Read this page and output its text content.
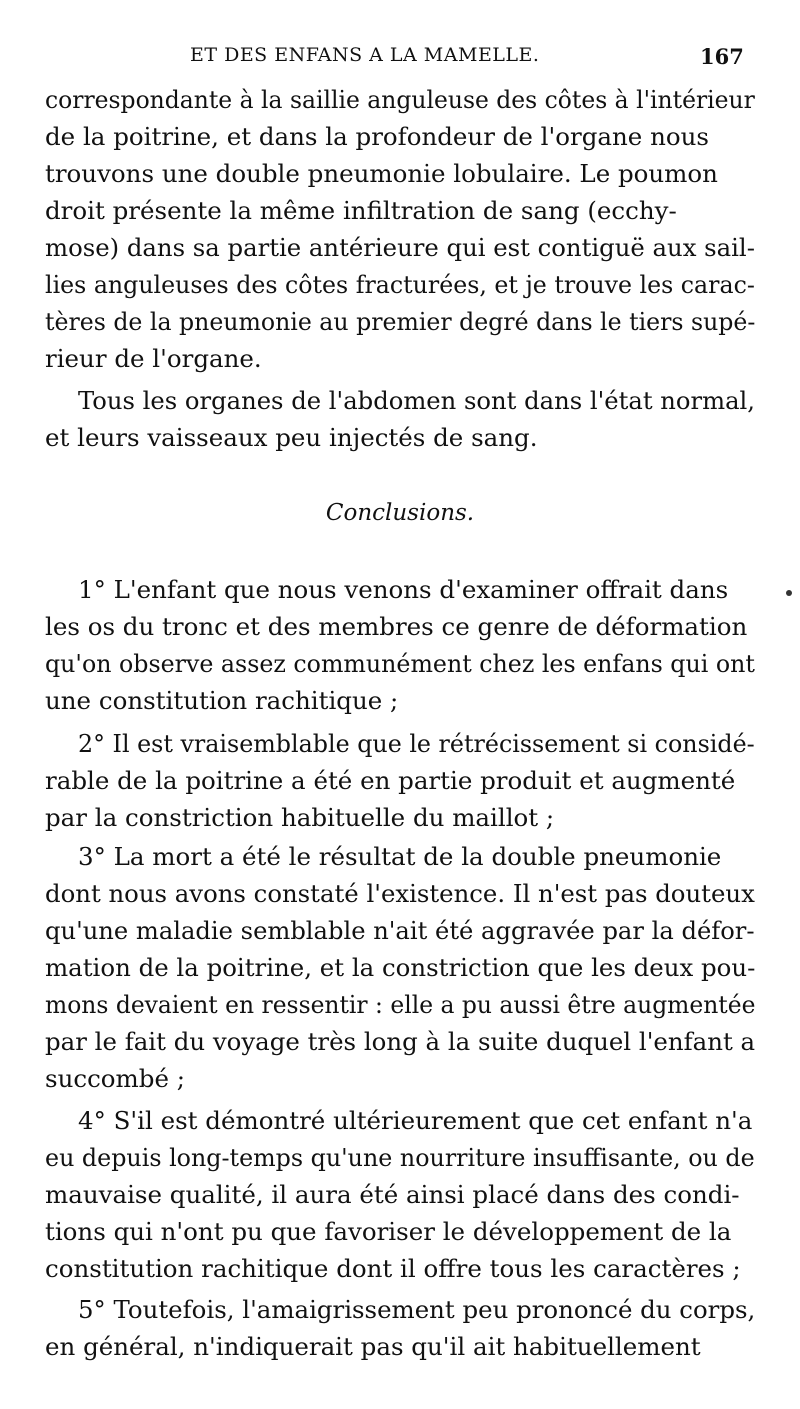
ET DES ENFANS A LA MAMELLE.	167
correspondante à la saillie anguleuse des côtes à l'intérieur
de la poitrine, et dans la profondeur de l'organe nous
trouvons une double pneumonie lobulaire. Le poumon
droit présente la même infiltration de sang (ecchy-
mose) dans sa partie antérieure qui est contiguë aux sail-
lies anguleuses des côtes fracturées, et je trouve les carac-
tères de la pneumonie au premier degré dans le tiers supé-
rieur de l'organe.
Tous les organes de l'abdomen sont dans l'état normal,
et leurs vaisseaux peu injectés de sang.
Conclusions.
1° L'enfant que nous venons d'examiner offrait dans
les os du tronc et des membres ce genre de déformation
qu'on observe assez communément chez les enfans qui ont
une constitution rachitique ;
2° Il est vraisemblable que le rétrécissement si considé-
rable de la poitrine a été en partie produit et augmenté
par la constriction habituelle du maillot ;
3° La mort a été le résultat de la double pneumonie
dont nous avons constaté l'existence. Il n'est pas douteux
qu'une maladie semblable n'ait été aggravée par la défor-
mation de la poitrine, et la constriction que les deux pou-
mons devaient en ressentir : elle a pu aussi être augmentée
par le fait du voyage très long à la suite duquel l'enfant a
succombé ;
4° S'il est démontré ultérieurement que cet enfant n'a
eu depuis long-temps qu'une nourriture insuffisante, ou de
mauvaise qualité, il aura été ainsi placé dans des condi-
tions qui n'ont pu que favoriser le développement de la
constitution rachitique dont il offre tous les caractères ;
5° Toutefois, l'amaigrissement peu prononcé du corps,
en général, n'indiquerait pas qu'il ait habituellement
